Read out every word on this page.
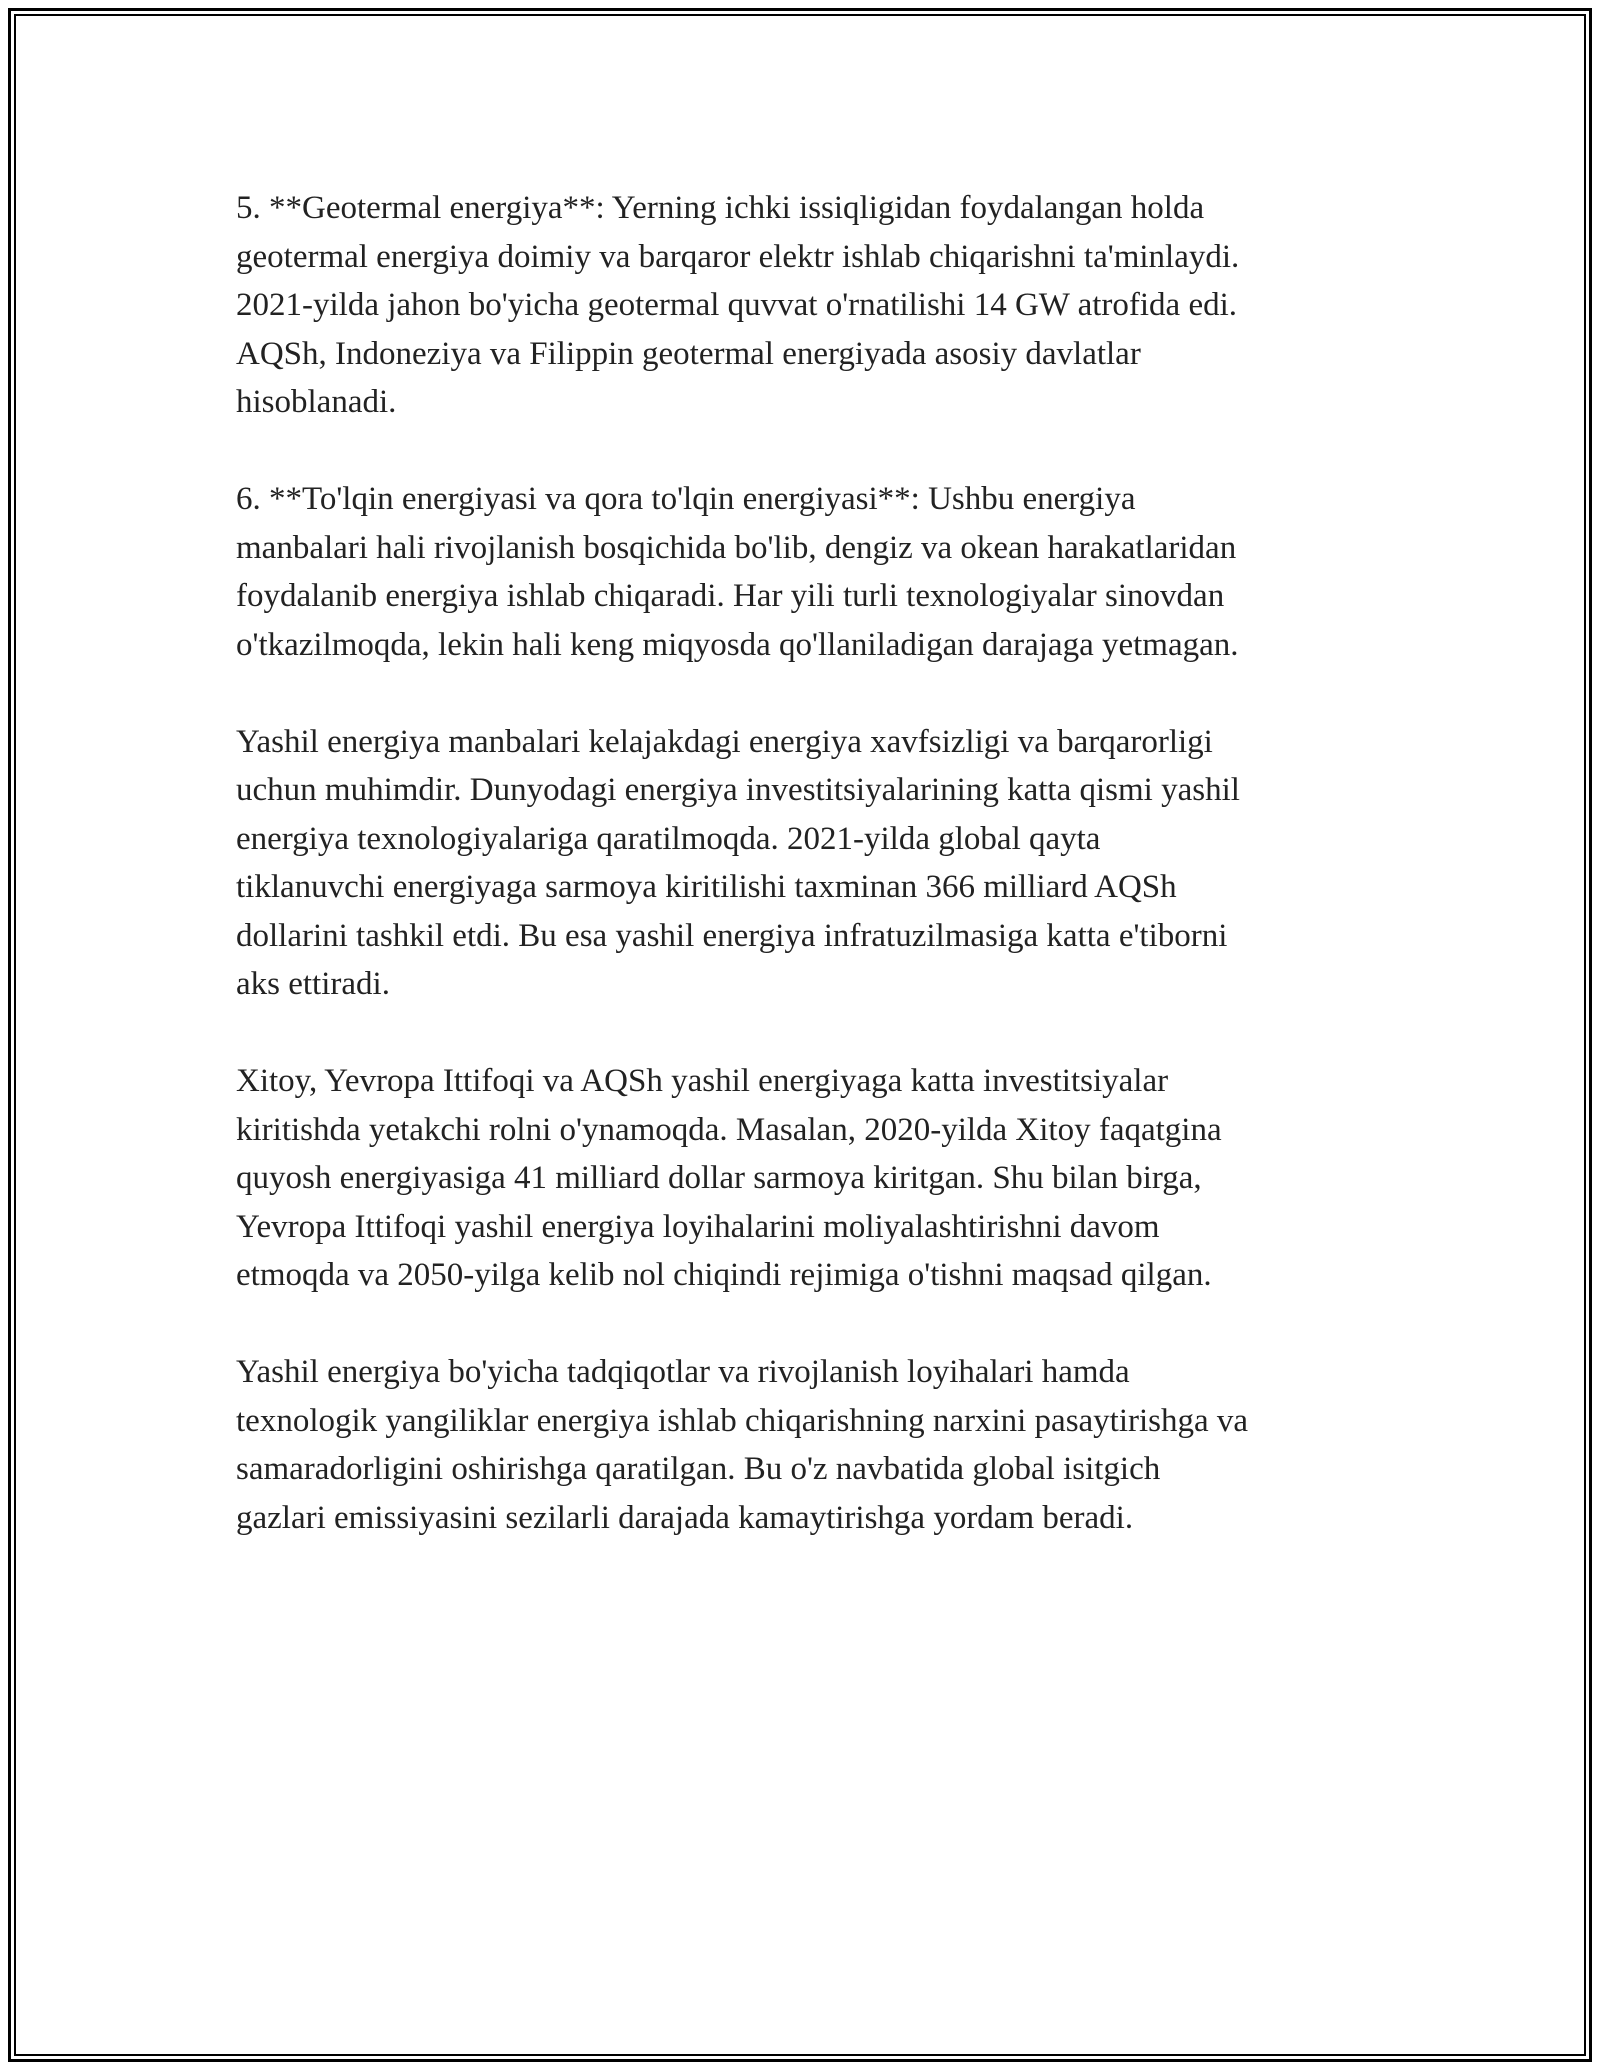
5. **Geotermal energiya**: Yerning ichki issiqligidan foydalangan holda
geotermal energiya doimiy va barqaror elektr ishlab chiqarishni ta'minlaydi.
2021-yilda jahon bo'yicha geotermal quvvat o'rnatilishi 14 GW atrofida edi.
AQSh, Indoneziya va Filippin geotermal energiyada asosiy davlatlar
hisoblanadi.

6. **To'lqin energiyasi va qora to'lqin energiyasi**: Ushbu energiya
manbalari hali rivojlanish bosqichida bo'lib, dengiz va okean harakatlaridan
foydalanib energiya ishlab chiqaradi. Har yili turli texnologiyalar sinovdan
o'tkazilmoqda, lekin hali keng miqyosda qo'llaniladigan darajaga yetmagan.

Yashil energiya manbalari kelajakdagi energiya xavfsizligi va barqarorligi
uchun muhimdir. Dunyodagi energiya investitsiyalarining katta qismi yashil
energiya texnologiyalariga qaratilmoqda. 2021-yilda global qayta
tiklanuvchi energiyaga sarmoya kiritilishi taxminan 366 milliard AQSh
dollarini tashkil etdi. Bu esa yashil energiya infratuzilmasiga katta e'tiborni
aks ettiradi.

Xitoy, Yevropa Ittifoqi va AQSh yashil energiyaga katta investitsiyalar
kiritishda yetakchi rolni o'ynamoqda. Masalan, 2020-yilda Xitoy faqatgina
quyosh energiyasiga 41 milliard dollar sarmoya kiritgan. Shu bilan birga,
Yevropa Ittifoqi yashil energiya loyihalarini moliyalashtirishni davom
etmoqda va 2050-yilga kelib nol chiqindi rejimiga o'tishni maqsad qilgan.

Yashil energiya bo'yicha tadqiqotlar va rivojlanish loyihalari hamda
texnologik yangiliklar energiya ishlab chiqarishning narxini pasaytirishga va
samaradorligini oshirishga qaratilgan. Bu o'z navbatida global isitgich
gazlari emissiyasini sezilarli darajada kamaytirishga yordam beradi.
